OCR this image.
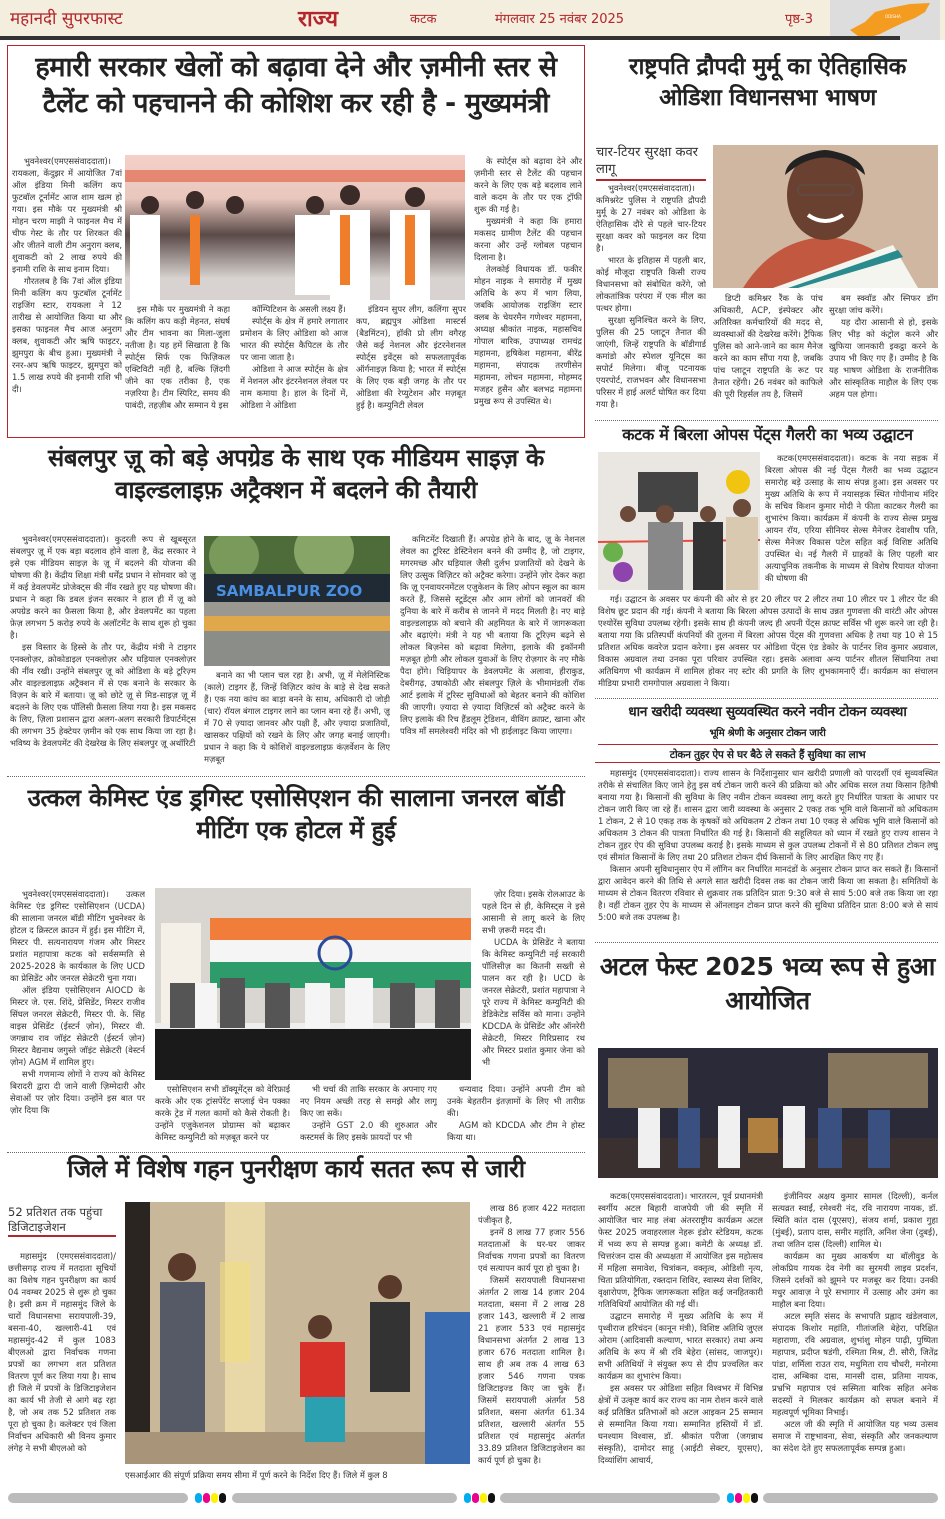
महानदी सुपरफास्ट	राज्य	कटक	मंगलवार 25 नवंबर 2025	पृष्ठ-3	ODISHA
हमारी सरकार खेलों को बढ़ावा देने और ज़मीनी स्तर से टैलेंट को पहचानने की कोशिश कर रही है - मुख्यमंत्री

भुवनेश्वर(एमएससंवाददाता)। रायकला, केंदुझर में आयोजित 7वां ऑल इंडिया मिनी कलिंग कप फुटबॉल टूर्नामेंट आज शाम खत्म हो गया। इस मौके पर मुख्यमंत्री श्री मोहन चरण माझी ने फाइनल मैच में चीफ गेस्ट के तौर पर शिरकत की और जीतने वाली टीम अनुराग क्लब, शुवाकटी को 2 लाख रुपये की इनामी राशि के साथ इनाम दिया।

गौरतलब है कि 7वां ऑल इंडिया मिनी कलिंग कप फुटबॉल टूर्नामेंट राइजिंग स्टार, रायकला ने 12 तारीख से आयोजित किया था और इसका फाइनल मैच आज अनुराग क्लब, शुवाकटी और ऋषि फाइटर, झुमपुरा के बीच हुआ। मुख्यमंत्री ने रनर-अप ऋषि फाइटर, झुमपुरा को 1.5 लाख रुपये की इनामी राशि भी दी।

इस मौके पर मुख्यमंत्री ने कहा कि कलिंग कप कड़ी मेहनत, संघर्ष और टीम भावना का मिला-जुला नतीजा है। यह हमें सिखाता है कि स्पोर्ट्स सिर्फ एक फिज़िकल एक्टिविटी नहीं है, बल्कि ज़िंदगी जीने का एक तरीका है, एक नज़रिया है। टीम स्पिरिट, समय की पाबंदी, तहज़ीब और सम्मान ये इस

कॉम्पिटिशन के असली लक्ष्य हैं।

स्पोर्ट्स के क्षेत्र में हमारे लगातार प्रमोशन के लिए ओडिशा को आज भारत की स्पोर्ट्स कैपिटल के तौर पर जाना जाता है।

ओडिशा ने आज स्पोर्ट्स के क्षेत्र में नेशनल और इंटरनेशनल लेवल पर नाम कमाया है। हाल के दिनों में, ओडिशा ने ओडिशा

इंडियन सुपर लीग, कलिंगा सुपर कप, ब्रह्मपुत्र ओडिशा मास्टर्स (बैडमिंटन), हॉकी प्रो लीग वगैरह जैसे कई नेशनल और इंटरनेशनल स्पोर्ट्स इवेंट्स को सफलतापूर्वक ऑर्गनाइज़ किया है; भारत में स्पोर्ट्स के लिए एक बड़ी जगह के तौर पर ओडिशा की रेप्युटेशन और मज़बूत हुई है। कम्युनिटी लेवल

के स्पोर्ट्स को बढ़ावा देने और ज़मीनी स्तर से टैलेंट की पहचान करने के लिए एक बड़े बदलाव लाने वाले कदम के तौर पर एक ट्रॉफी शुरू की गई है।

मुख्यमंत्री ने कहा कि हमारा मकसद ग्रामीण टैलेंट की पहचान करना और उन्हें ग्लोबल पहचान दिलाना है।

तेलकोई विधायक डॉ. फकीर मोहन नाइक ने समारोह में मुख्य अतिथि के रूप में भाग लिया, जबकि आयोजक राइजिंग स्टार क्लब के चेयरमैन गणेश्वर महामना, अध्यक्ष श्रीकांत नाइक, महासचिव गोपाल बारिक, उपाध्यक्ष रामचंद्र महामना, हृषिकेश महामना, बीरेंद्र महामना, संपादक तरणीसेन महामना, लोचन महामना, मोहम्मद मजहर हुसैन और बलभद्र महामना प्रमुख रूप से उपस्थित थे।

राष्ट्रपति द्रौपदी मुर्मू का ऐतिहासिक ओडिशा विधानसभा भाषण
चार-टियर सुरक्षा कवर लागू

भुवनेश्वर(एमएससंवाददाता)। कमिश्नरेट पुलिस ने राष्ट्रपति द्रौपदी मुर्मू के 27 नवंबर को ओडिशा के ऐतिहासिक दौरे से पहले चार-टियर सुरक्षा कवर को फाइनल कर दिया है।

भारत के इतिहास में पहली बार, कोई मौजूदा राष्ट्रपति किसी राज्य विधानसभा को संबोधित करेंगे, जो लोकतांत्रिक परंपरा में एक मील का पत्थर होगा।

सुरक्षा सुनिश्चित करने के लिए, पुलिस की 25 प्लाटून तैनात की जाएंगी, जिन्हें राष्ट्रपति के बॉडीगार्ड कमांडो और स्पेशल यूनिट्स का सपोर्ट मिलेगा। बीजू पटनायक एयरपोर्ट, राजभवन और विधानसभा परिसर में हाई अलर्ट घोषित कर दिया गया है।

डिप्टी कमिश्नर रैंक के पांच अधिकारी, ACP, इंस्पेक्टर और अतिरिक्त कर्मचारियों की मदद से, व्यवस्थाओं की देखरेख करेंगे। ट्रैफिक पुलिस को आने-जाने का काम मैनेज करने का काम सौंपा गया है, जबकि पांच प्लाटून राष्ट्रपति के रूट पर तैनात रहेंगी। 26 नवंबर को काफिले की पूरी रिहर्सल तय है, जिसमें

बम स्क्वॉड और स्निफर डॉग सुरक्षा जांच करेंगे।

यह दौरा आसानी से हो, इसके लिए भीड़ को कंट्रोल करने और खुफिया जानकारी इकट्ठा करने के उपाय भी किए गए हैं। उम्मीद है कि यह भाषण ओडिशा के राजनीतिक और सांस्कृतिक माहौल के लिए एक अहम पल होगा।

कटक में बिरला ओपस पेंट्स गैलरी का भव्य उद्घाटन

कटक(एमएससंवाददाता)। कटक के नया सड़क में बिरला ओपस की नई पेंट्स गैलरी का भव्य उद्घाटन समारोह बड़े उत्साह के साथ संपन्न हुआ। इस अवसर पर मुख्य अतिथि के रूप में नयासड़क स्थित गोपीनाथ मंदिर के सचिव किशन कुमार मोदी ने फीता काटकर गैलरी का शुभारंभ किया। कार्यक्रम में कंपनी के राज्य सेल्स प्रमुख आयन रॉय, एरिया सीनियर सेल्स मैनेजर देवाशीष पति, सेल्स मैनेजर विकास पटेल सहित कई विशिष्ट अतिथि उपस्थित थे। नई गैलरी में ग्राहकों के लिए पहली बार अत्याधुनिक तकनीक के माध्यम से विशेष रियायत योजना की घोषणा की

गई। उद्घाटन के अवसर पर कंपनी की ओर से हर 20 लीटर पर 2 लीटर तथा 10 लीटर पर 1 लीटर पेंट की विशेष छूट प्रदान की गई। कंपनी ने बताया कि बिरला ओपस उत्पादों के साथ उन्नत गुणवत्ता की वारंटी और ओपस एश्योरेंस सुविधा उपलब्ध रहेगी। इसके साथ ही कंपनी जल्द ही अपनी पेंट्स क्राफ्ट सर्विस भी शुरू करने जा रही है। बताया गया कि प्रतिस्पर्धी कंपनियों की तुलना में बिरला ओपस पेंट्स की गुणवत्ता अधिक है तथा यह 10 से 15 प्रतिशत अधिक कवरेज प्रदान करेगा। इस अवसर पर ओडिशा पेंट्स एंड डेकोर के पार्टनर शिव कुमार अग्रवाल, विकास अग्रवाल तथा उनका पूरा परिवार उपस्थित रहा। इसके अलावा अन्य पार्टनर शीतल सिंघानिया तथा अतिथिगण भी कार्यक्रम में शामिल होकर नए स्टोर की प्रगति के लिए शुभकामनाएँ दीं। कार्यक्रम का संचालन मीडिया प्रभारी रामगोपाल अग्रवाला ने किया।

धान खरीदी व्यवस्था सुव्यवस्थित करने नवीन टोकन व्यवस्था
भूमि श्रेणी के अनुसार टोकन जारी
टोकन तुहर ऐप से घर बैठे ले सकते हैं सुविधा का लाभ

महासमुंद (एमएससंवाददाता)। राज्य शासन के निर्देशानुसार धान खरीदी प्रणाली को पारदर्शी एवं सुव्यवस्थित तरीके से संचालित किए जाने हेतु इस वर्ष टोकन जारी करने की प्रक्रिया को और अधिक सरल तथा किसान हितैषी बनाया गया है। किसानों की सुविधा के लिए नवीन टोकन व्यवस्था लागू करते हुए निर्धारित पात्रता के आधार पर टोकन जारी किए जा रहे हैं। शासन द्वारा जारी व्यवस्था के अनुसार 2 एकड़ तक भूमि वाले किसानों को अधिकतम 1 टोकन, 2 से 10 एकड़ तक के कृषकों को अधिकतम 2 टोकन तथा 10 एकड़ से अधिक भूमि वाले किसानों को अधिकतम 3 टोकन की पात्रता निर्धारित की गई है। किसानों की सहूलियत को ध्यान में रखते हुए राज्य शासन ने टोकन तुहर ऐप की सुविधा उपलब्ध कराई है। इसके माध्यम से कुल उपलब्ध टोकनों में से 80 प्रतिशत टोकन लघु एवं सीमांत किसानों के लिए तथा 20 प्रतिशत टोकन दीर्घ किसानों के लिए आरक्षित किए गए हैं।

किसान अपनी सुविधानुसार ऐप में लॉगिन कर निर्धारित मानदंडों के अनुसार टोकन प्राप्त कर सकते हैं। किसानों द्वारा आवेदन करने की तिथि से अगले सात खरीदी दिवस तक का टोकन जारी किया जा सकता है। समितियों के माध्यम से टोकन वितरण रविवार से शुक्रवार तक प्रतिदिन प्रातः 9:30 बजे से सायं 5:00 बजे तक किया जा रहा है। वहीं टोकन तुहर ऐप के माध्यम से ऑनलाइन टोकन प्राप्त करने की सुविधा प्रतिदिन प्रातः 8:00 बजे से सायं 5:00 बजे तक उपलब्ध है।

संबलपुर ज़ू को बड़े अपग्रेड के साथ एक मीडियम साइज़ के वाइल्डलाइफ़ अट्रैक्शन में बदलने की तैयारी

भुवनेश्वर(एमएससंवाददाता)। कुदरती रूप से खूबसूरत संबलपुर ज़ू में एक बड़ा बदलाव होने वाला है, केंद्र सरकार ने इसे एक मीडियम साइज़ के ज़ू में बदलने की योजना की घोषणा की है। केंद्रीय शिक्षा मंत्री धर्मेंद्र प्रधान ने सोमवार को ज़ू में कई डेवलपमेंट प्रोजेक्ट्स की नींव रखते हुए यह घोषणा की। प्रधान ने कहा कि डबल इंजन सरकार ने हाल ही में ज़ू को अपग्रेड करने का फ़ैसला किया है, और डेवलपमेंट का पहला फ़ेज़ लगभग 5 करोड़ रुपये के अलॉटमेंट के साथ शुरू हो चुका है।

इस विस्तार के हिस्से के तौर पर, केंद्रीय मंत्री ने टाइगर एनक्लोज़र, क्रोकोडाइल एनक्लोज़र और घड़ियाल एनक्लोज़र की नींव रखी। उन्होंने संबलपुर ज़ू को ओडिशा के बड़े टूरिज़्म और वाइल्डलाइफ़ अट्रैक्शन में से एक बनाने के सरकार के विज़न के बारे में बताया। ज़ू को छोटे ज़ू से मिड-साइज़ ज़ू में बदलने के लिए एक पॉलिसी फ़ैसला लिया गया है। इस मकसद के लिए, ज़िला प्रशासन द्वारा अलग-अलग सरकारी डिपार्टमेंट्स की लगभग 35 हेक्टेयर ज़मीन को एक साथ किया जा रहा है। भविष्य के डेवलपमेंट की देखरेख के लिए संबलपुर ज़ू अथॉरिटी

SAMBALPUR ZOO

बनाने का भी प्लान चल रहा है। अभी, ज़ू में मेलेनिस्टिक (काले) टाइगर हैं, जिन्हें विज़िटर कांच के बाड़े से देख सकते हैं। एक नया कांच का बाड़ा बनने के साथ, अधिकारी दो जोड़ी (चार) रॉयल बंगाल टाइगर लाने का प्लान बना रहे हैं। अभी, ज़ू में 70 से ज़्यादा जानवर और पक्षी हैं, और ज़्यादा प्रजातियों, खासकर पक्षियों को रखने के लिए और जगह बनाई जाएगी। प्रधान ने कहा कि ये कोशिशें वाइल्डलाइफ़ कंज़र्वेशन के लिए मज़बूत

कमिटमेंट दिखाती हैं। अपग्रेड होने के बाद, ज़ू के नेशनल लेवल का टूरिस्ट डेस्टिनेशन बनने की उम्मीद है, जो टाइगर, मगरमच्छ और घड़ियाल जैसी दुर्लभ प्रजातियों को देखने के लिए उत्सुक विज़िटर को अट्रैक्ट करेगा। उन्होंने ज़ोर देकर कहा कि ज़ू एनवायरनमेंटल एजुकेशन के लिए ओपन स्कूल का काम करते हैं, जिससे स्टूडेंट्स और आम लोगों को जानवरों की दुनिया के बारे में करीब से जानने में मदद मिलती है। नए बाड़े वाइल्डलाइफ़ को बचाने की अहमियत के बारे में जागरूकता और बढ़ाएंगे। मंत्री ने यह भी बताया कि टूरिज़्म बढ़ने से लोकल बिज़नेस को बढ़ावा मिलेगा, इलाके की इकॉनमी मज़बूत होगी और लोकल युवाओं के लिए रोज़गार के नए मौके पैदा होंगे। चिड़ियापर के डेवलपमेंट के अलावा, हीराकुड, देबरीगढ़, उषाकोठी और संबलपुर ज़िले के भीमामंडली रॉक आर्ट इलाके में टूरिस्ट सुविधाओं को बेहतर बनाने की कोशिश की जाएगी। ज़्यादा से ज़्यादा विज़िटर्स को अट्रैक्ट करने के लिए इलाके की रिच हैंडलूम ट्रेडिशन, वीविंग क्राफ़्ट, खाना और पवित्र माँ समलेश्वरी मंदिर को भी हाईलाइट किया जाएगा।

उत्कल केमिस्ट एंड ड्रगिस्ट एसोसिएशन की सालाना जनरल बॉडी मीटिंग एक होटल में हुई

भुवनेश्वर(एमएससंवाददाता)। उत्कल केमिस्ट एंड ड्रगिस्ट एसोसिएशन (UCDA) की सालाना जनरल बॉडी मीटिंग भुवनेश्वर के होटल द क्रिस्टल क्राउन में हुई। इस मीटिंग में, मिस्टर पी. सत्यनारायण गंजम और मिस्टर प्रशांत महापात्रा कटक को सर्वसम्मति से 2025-2028 के कार्यकाल के लिए UCD का प्रेसिडेंट और जनरल सेक्रेटरी चुना गया।

ऑल इंडिया एसोसिएशन AIOCD के मिस्टर जे. एस. शिंदे, प्रेसिडेंट, मिस्टर राजीव सिंघल जनरल सेक्रेटरी, मिस्टर पी. के. सिंह वाइस प्रेसिडेंट (ईस्टर्न ज़ोन), मिस्टर वी. जगन्नाथ राव जॉइंट सेक्रेटरी (ईस्टर्न ज़ोन) मिस्टर वैद्यनाथ जगुस्ते जॉइंट सेक्रेटरी (वेस्टर्न ज़ोन) AGM में शामिल हुए।

सभी गणमान्य लोगों ने राज्य को केमिस्ट बिरादरी द्वारा दी जाने वाली ज़िम्मेदारी और सेवाओं पर ज़ोर दिया। उन्होंने इस बात पर ज़ोर दिया कि

एसोसिएशन सभी डॉक्यूमेंट्स को वेरिफ़ाई करके और एक ट्रांसपेरेंट सप्लाई चेन पक्का करके ट्रेड में गलत कामों को कैसे रोकती है। उन्होंने एजुकेशनल प्रोग्राम्स को बढ़ाकर केमिस्ट कम्युनिटी को मज़बूत करने पर

भी चर्चा की ताकि सरकार के अपनाए गए नए नियम अच्छी तरह से समझे और लागू किए जा सकें।

उन्होंने GST 2.0 की शुरुआत और कस्टमर्स के लिए इसके फ़ायदों पर भी

ज़ोर दिया। इसके रोलआउट के पहले दिन से ही, केमिस्ट्स ने इसे आसानी से लागू करने के लिए सभी ज़रूरी मदद दी।

UCDA के प्रेसिडेंट ने बताया कि केमिस्ट कम्युनिटी नई सरकारी पॉलिसीज़ का कितनी सख्ती से पालन कर रही है। UCD के जनरल सेक्रेटरी, प्रशांत महापात्रा ने पूरे राज्य में केमिस्ट कम्युनिटी की डेडिकेटेड सर्विस को माना। उन्होंने KDCDA के प्रेसिडेंट और ऑनरेरी सेक्रेटरी, मिस्टर गिरिप्रसाद रथ और मिस्टर प्रशांत कुमार जेना को भी

धन्यवाद दिया। उन्होंने अपनी टीम को उनके बेहतरीन इंतज़ामों के लिए भी तारीफ़ की।

AGM को KDCDA और टीम ने होस्ट किया था।

अटल फेस्ट 2025 भव्य रूप से हुआ आयोजित

कटक(एमएससंवाददाता)। भारतरत्न, पूर्व प्रधानमंत्री स्वर्गीय अटल बिहारी वाजपेयी जी की स्मृति में आयोजित चार माह लंबा अंतरराष्ट्रीय कार्यक्रम अटल फेस्ट 2025 जवाहरलाल नेहरू इंडोर स्टेडियम, कटक में भव्य रूप से सम्पन्न हुआ। कमेटी के अध्यक्ष डॉ. चित्तरंजन दास की अध्यक्षता में आयोजित इस महोत्सव में महिला समावेश, चित्रांकन, वक्तृत्व, ओडिशी नृत्य, चिता प्रतियोगिता, रक्तदान शिविर, स्वास्थ्य सेवा शिविर, वृक्षारोपण, ट्रैफिक जागरूकता सहित कई जनहितकारी गतिविधियाँ आयोजित की गई थीं।

उद्घाटन समारोह में मुख्य अतिथि के रूप में पृथ्वीराज हरिचंदन (कानून मंत्री), विशिष्ट अतिथि जुएल ओराम (आदिवासी कल्याण, भारत सरकार) तथा अन्य अतिथि के रूप में श्री रवि बेहेरा (सांसद, जाजपुर)। सभी अतिथियों ने संयुक्त रूप से दीप प्रज्वलित कर कार्यक्रम का शुभारंभ किया।

इस अवसर पर ओडिशा सहित विश्वभर में विभिन्न क्षेत्रों में उत्कृष्ट कार्य कर राज्य का नाम रोशन करने वाले कई प्रतिष्ठित प्रतिभाओं को अटल आइकन 25 सम्मान से सम्मानित किया गया। सम्मानित हस्तियों में डॉ. घनश्याम विश्वास, डॉ. श्रीकांत परीजा (जगन्नाथ संस्कृति), दामोदर साहू (आईटी सेक्टर, यूएसए), दिव्यांशिंग आचार्य,

इंजीनियर अक्षय कुमार सामल (दिल्ली), कर्नल सत्यव्रत स्वाईं, रमेश्वरी नंद, रवि नारायण नायक, डॉ. स्थिति कांत दास (यूएसए), संजय शर्मा, प्रकाश गुहा (मुंबई), प्रताप दास, समीर महांति, अनिश जेना (दुबई), तथा जतिन दास (दिल्ली) शामिल थे।

कार्यक्रम का मुख्य आकर्षण था बॉलीवुड के लोकप्रिय गायक देव नेगी का सुरमयी लाइव प्रदर्शन, जिसने दर्शकों को झूमने पर मजबूर कर दिया। उनकी मधुर आवाज़ ने पूरे सभागार में उत्साह और उमंग का माहौल बना दिया।

अटल स्मृति संसद के सभापति प्रह्लाद खंडेलवाल, संपादक किशोर महांति, गीतांजलि बेहेरा, परिक्षित महाराणा, रवि अग्रवाल, शुभांशु मोहन पाढ़ी, पुष्पिता महापात्र, प्रदीप्त षडंगी, रश्मिता मिश्र, टी. सौरी, जितेंद्र पांडा, शर्मिला राउत राय, मधुमिता राय चौधरी, मनोरमा दास, अम्बिका दास, मानसी दास, प्रतिमा नायक, प्रभ्रभि महापात्र एवं सस्मिता बारिक सहित अनेक सदस्यों ने मिलकर कार्यक्रम को सफल बनाने में महत्वपूर्ण भूमिका निभाई।

अटल जी की स्मृति में आयोजित यह भव्य उत्सव समाज में राष्ट्रभावना, सेवा, संस्कृति और जनकल्याण का संदेश देते हुए सफलतापूर्वक सम्पन्न हुआ।

जिले में विशेष गहन पुनरीक्षण कार्य सतत रूप से जारी
52 प्रतिशत तक पहुंचा डिजिटाइजेशन

महासमुंद (एमएससंवाददाता)/ छत्तीसगढ़ राज्य में मतदाता सूचियों का विशेष गहन पुनरीक्षण का कार्य 04 नवम्बर 2025 से शुरू हो चुका है। इसी क्रम में महासमुंद जिले के चारों विधानसभा सरायपाली-39, बसना-40, खल्लारी-41 एवं महासमुंद-42 में कुल 1083 बीएलओ द्वारा निर्वाचक गणना प्रपत्रों का लगभग शत प्रतिशत वितरण पूर्ण कर लिया गया है। साथ ही जिले में प्रपत्रों के डिजिटाइजेशन का कार्य भी तेजी से आगे बढ़ रहा है, जो अब तक 52 प्रतिशत तक पूरा हो चुका है। कलेक्टर एवं जिला निर्वाचन अधिकारी श्री विनय कुमार लंगेह ने सभी बीएलओ को

एसआईआर की संपूर्ण प्रक्रिया समय सीमा में पूर्ण करने के निर्देश दिए हैं। जिले में कुल 8

लाख 86 हजार 422 मतदाता पंजीकृत है,

इनमें 8 लाख 77 हजार 556 मतदाताओं के घर-घर जाकर निर्वाचक गणना प्रपत्रों का वितरण एवं सत्यापन कार्य पूरा हो चुका है।

जिसमें सरायपाली विधानसभा अंतर्गत 2 लाख 14 हजार 204 मतदाता, बसना में 2 लाख 28 हजार 143, खल्लारी में 2 लाख 21 हजार 533 एवं महासमुंद विधानसभा अंतर्गत 2 लाख 13 हजार 676 मतदाता शामिल है। साथ ही अब तक 4 लाख 63 हजार 546 गणना पत्रक डिजिटाइज्ड किए जा चुके हैं। जिसमें सरायपाली अंतर्गत 58 प्रतिशत, बसना अंतर्गत 61.34 प्रतिशत, खल्लारी अंतर्गत 55 प्रतिशत एवं महासमुंद अंतर्गत 33.89 प्रतिशत डिजिटाइजेशन का कार्य पूर्ण हो चुका है।
